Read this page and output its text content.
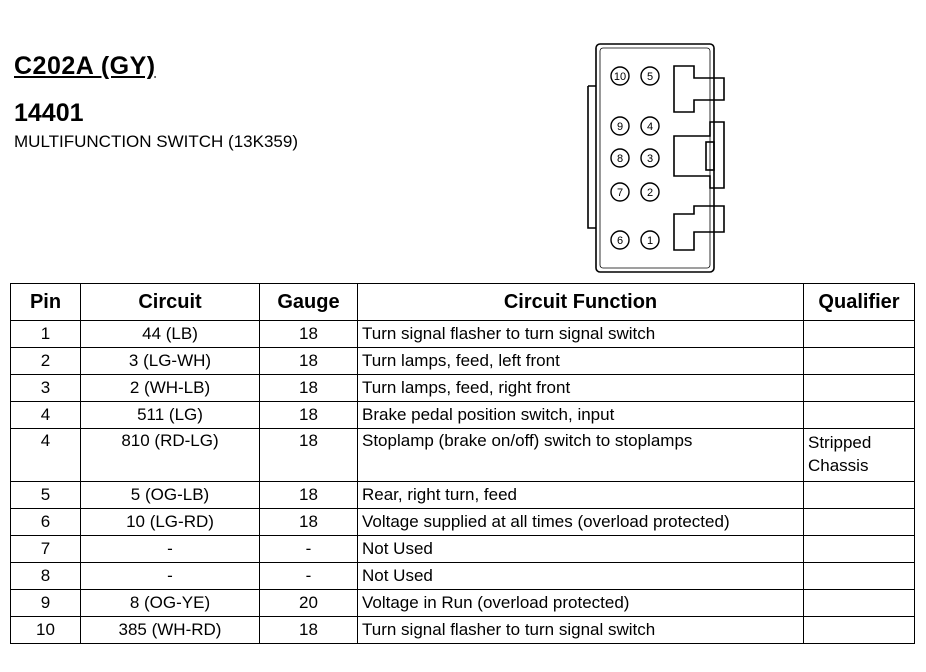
C202A (GY)
14401
MULTIFUNCTION SWITCH (13K359)
10 5
9 4
8 3
7 2
6 1
Pin	Circuit	Gauge	Circuit Function	Qualifier
1	44 (LB)	18	Turn signal flasher to turn signal switch	
2	3 (LG-WH)	18	Turn lamps, feed, left front	
3	2 (WH-LB)	18	Turn lamps, feed, right front	
4	511 (LG)	18	Brake pedal position switch, input	
4	810 (RD-LG)	18	Stoplamp (brake on/off) switch to stoplamps	Stripped
Chassis
5	5 (OG-LB)	18	Rear, right turn, feed	
6	10 (LG-RD)	18	Voltage supplied at all times (overload protected)	
7	-	-	Not Used	
8	-	-	Not Used	
9	8 (OG-YE)	20	Voltage in Run (overload protected)	
10	385 (WH-RD)	18	Turn signal flasher to turn signal switch	
